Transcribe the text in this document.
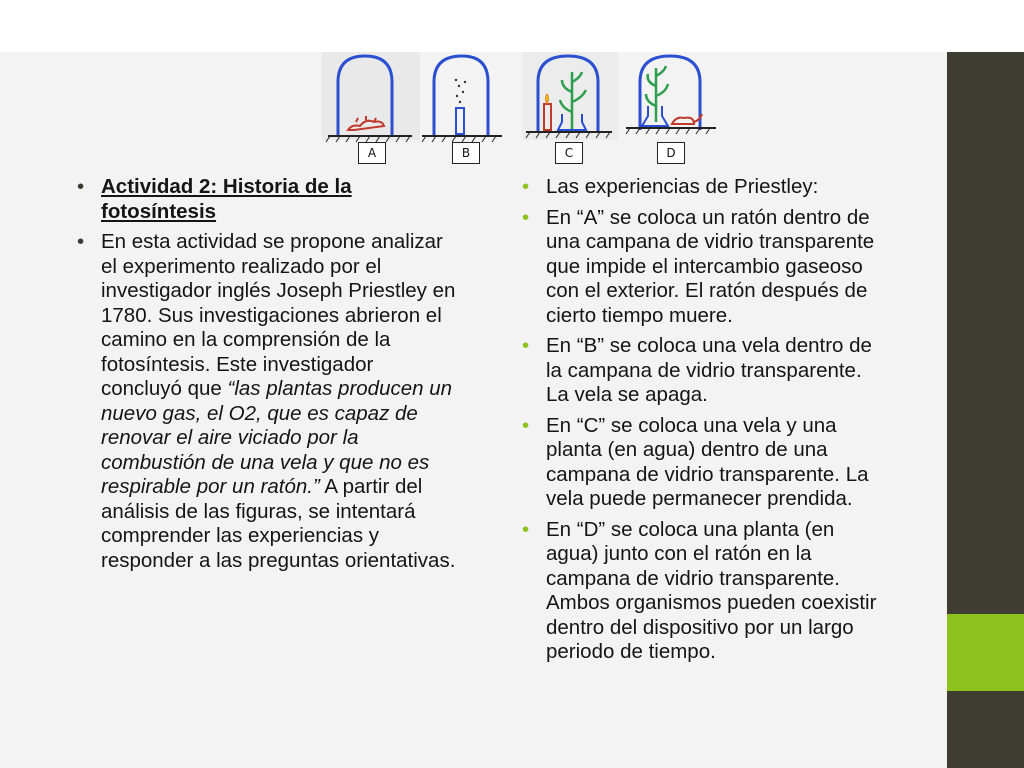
A	B	C	D
• Actividad 2: Historia de la fotosíntesis
• En esta actividad se propone analizar el experimento realizado por el investigador inglés Joseph Priestley en 1780. Sus investigaciones abrieron el camino en la comprensión de la fotosíntesis. Este investigador concluyó que “las plantas producen un nuevo gas, el O2, que es capaz de renovar el aire viciado por la combustión de una vela y que no es respirable por un ratón.” A partir del análisis de las figuras, se intentará comprender las experiencias y responder a las preguntas orientativas.
• Las experiencias de Priestley:
• En “A” se coloca un ratón dentro de una campana de vidrio transparente que impide el intercambio gaseoso con el exterior. El ratón después de cierto tiempo muere.
• En “B” se coloca una vela dentro de la campana de vidrio transparente. La vela se apaga.
• En “C” se coloca una vela y una planta (en agua) dentro de una campana de vidrio transparente. La vela puede permanecer prendida.
• En “D” se coloca una planta (en agua) junto con el ratón en la campana de vidrio transparente. Ambos organismos pueden coexistir dentro del dispositivo por un largo periodo de tiempo.
